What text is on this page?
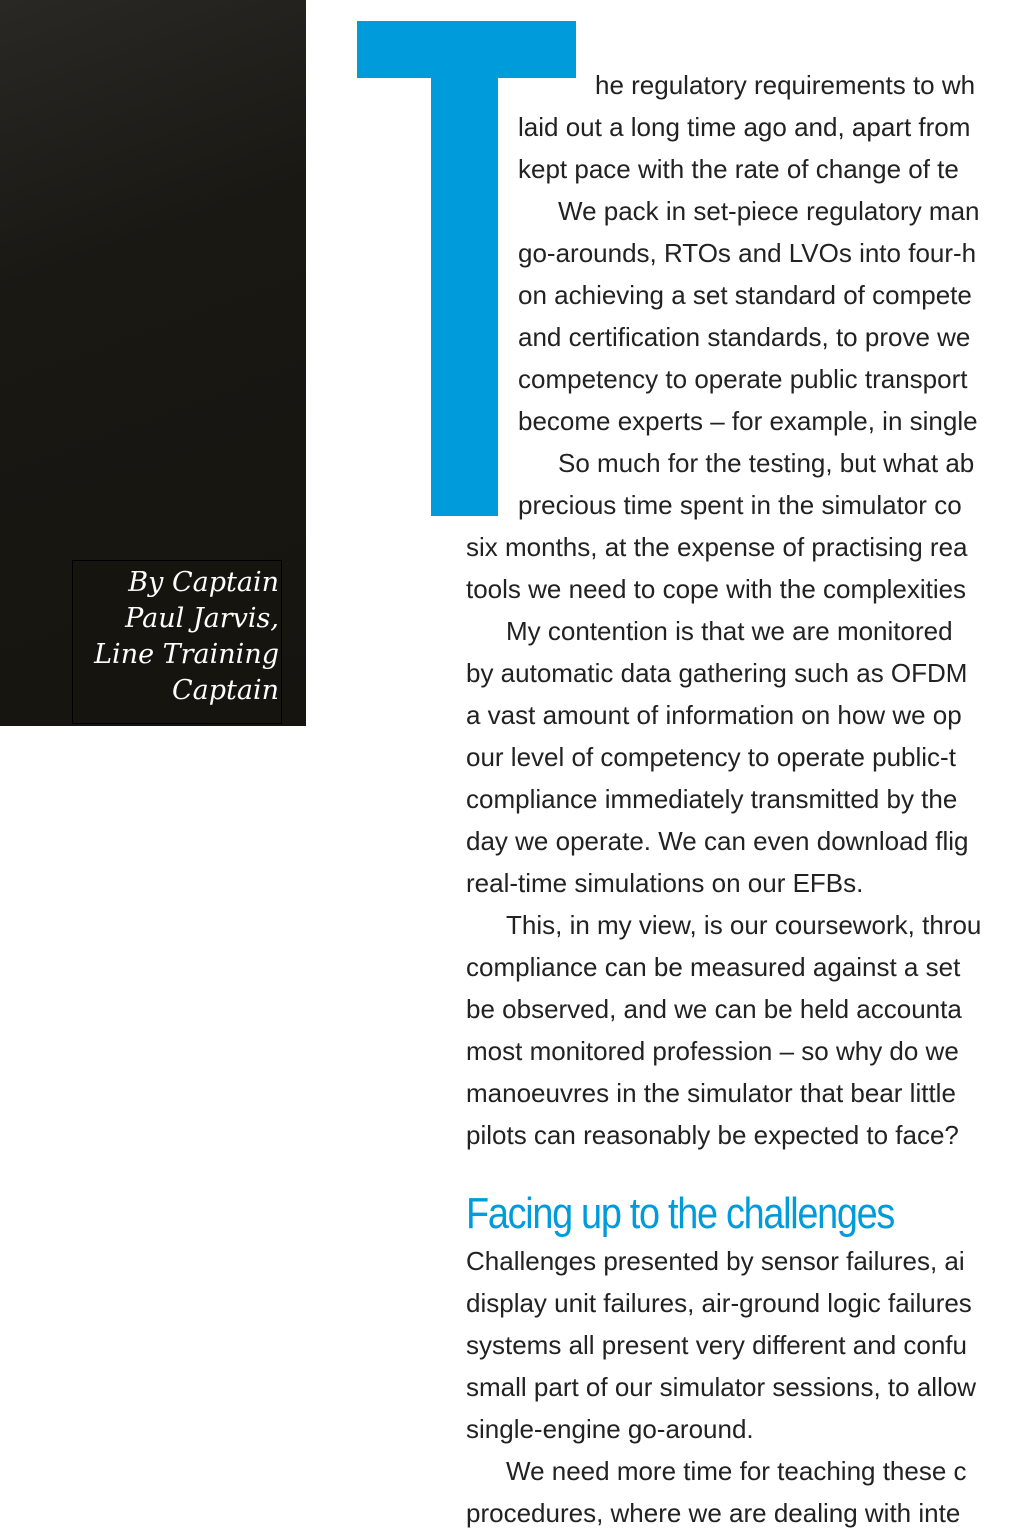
By Captain
Paul Jarvis,
Line Training
Captain
he regulatory requirements to wh
laid out a long time ago and, apart from
kept pace with the rate of change of te
We pack in set-piece regulatory man
go-arounds, RTOs and LVOs into four-h
on achieving a set standard of compete
and certification standards, to prove we
competency to operate public transport
become experts – for example, in single
So much for the testing, but what ab
precious time spent in the simulator co
six months, at the expense of practising rea
tools we need to cope with the complexities
My contention is that we are monitored
by automatic data gathering such as OFDM
a vast amount of information on how we op
our level of competency to operate public-t
compliance immediately transmitted by the
day we operate. We can even download flig
real-time simulations on our EFBs.
This, in my view, is our coursework, throu
compliance can be measured against a set
be observed, and we can be held accounta
most monitored profession – so why do we
manoeuvres in the simulator that bear little
pilots can reasonably be expected to face?
Facing up to the challenges
Challenges presented by sensor failures, ai
display unit failures, air-ground logic failures
systems all present very different and confu
small part of our simulator sessions, to allow
single-engine go-around.
We need more time for teaching these c
procedures, where we are dealing with inte
